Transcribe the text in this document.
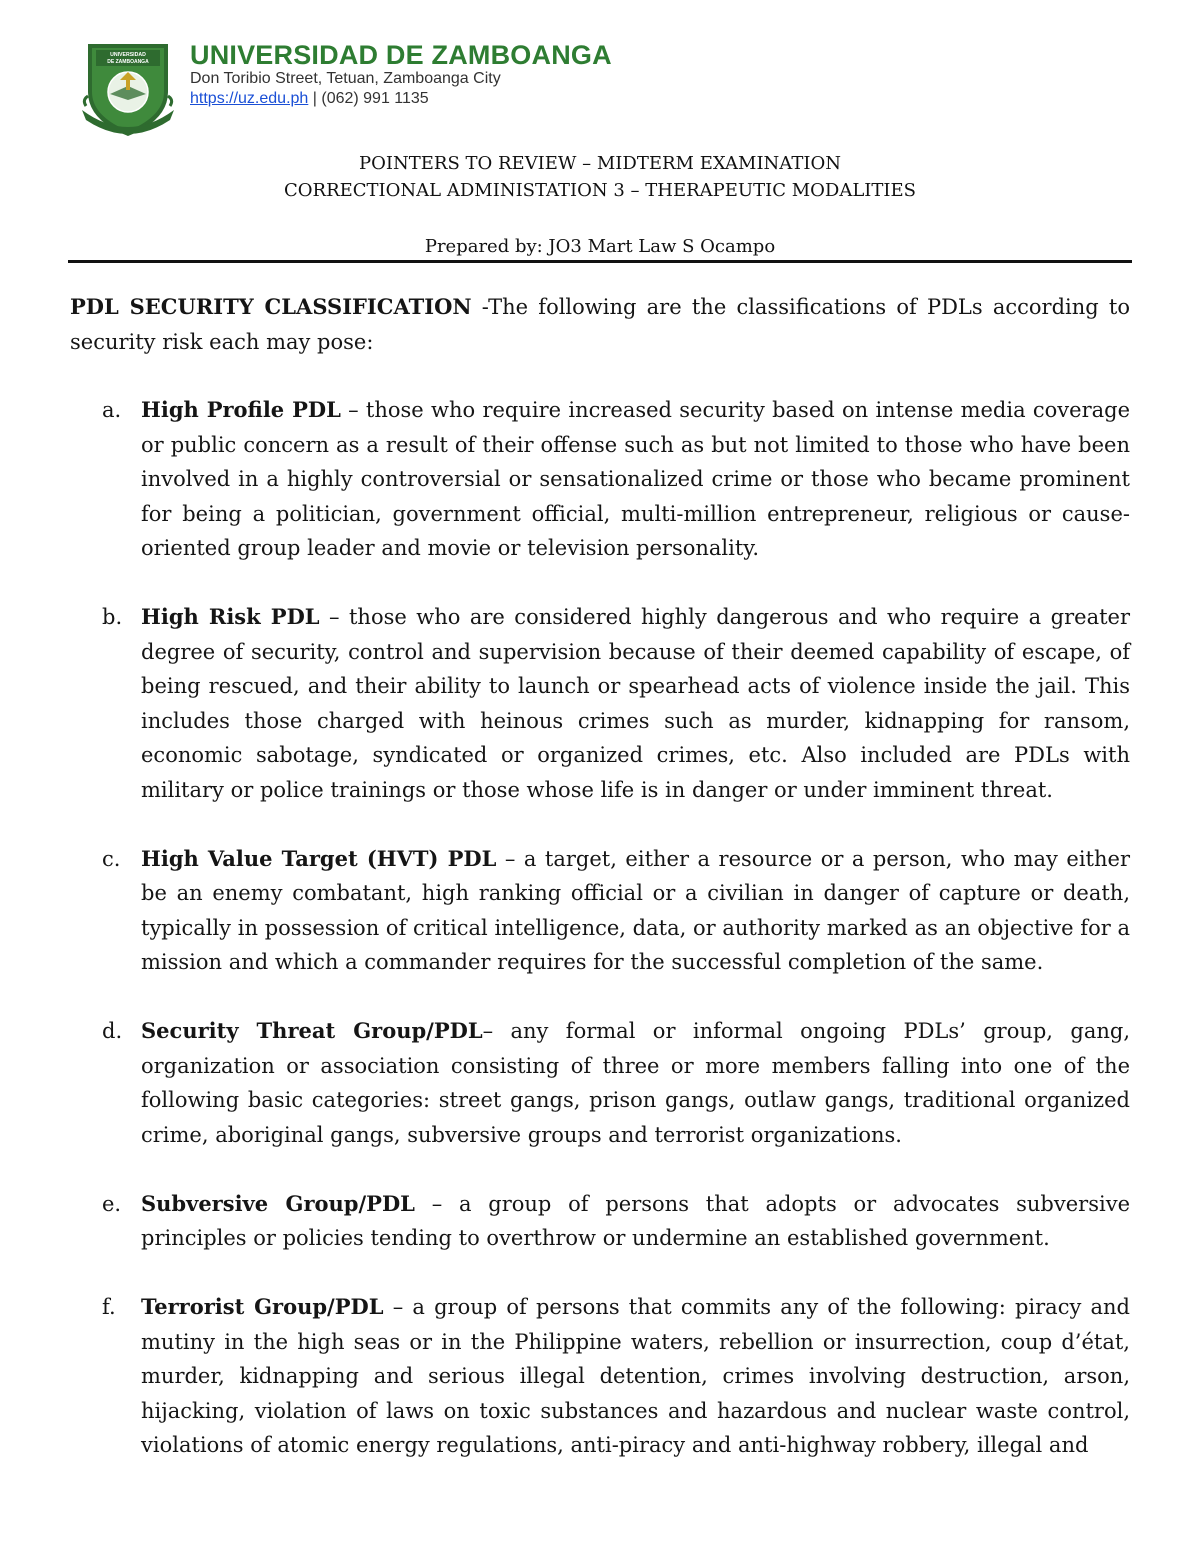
UNIVERSIDAD
DE ZAMBOANGA UNIVERSIDAD DE ZAMBOANGA
Don Toribio Street, Tetuan, Zamboanga City
https://uz.edu.ph | (062) 991 1135
POINTERS TO REVIEW – MIDTERM EXAMINATION
CORRECTIONAL ADMINISTATION 3 – THERAPEUTIC MODALITIES
Prepared by: JO3 Mart Law S Ocampo

PDL SECURITY CLASSIFICATION -The following are the classifications of PDLs according to security risk each may pose:

a. High Profile PDL – those who require increased security based on intense media coverage or public concern as a result of their offense such as but not limited to those who have been involved in a highly controversial or sensationalized crime or those who became prominent for being a politician, government official, multi-million entrepreneur, religious or cause-oriented group leader and movie or television personality.
b. High Risk PDL – those who are considered highly dangerous and who require a greater degree of security, control and supervision because of their deemed capability of escape, of being rescued, and their ability to launch or spearhead acts of violence inside the jail. This includes those charged with heinous crimes such as murder, kidnapping for ransom, economic sabotage, syndicated or organized crimes, etc. Also included are PDLs with military or police trainings or those whose life is in danger or under imminent threat.
c. High Value Target (HVT) PDL – a target, either a resource or a person, who may either be an enemy combatant, high ranking official or a civilian in danger of capture or death, typically in possession of critical intelligence, data, or authority marked as an objective for a mission and which a commander requires for the successful completion of the same.
d. Security Threat Group/PDL– any formal or informal ongoing PDLs’ group, gang, organization or association consisting of three or more members falling into one of the following basic categories: street gangs, prison gangs, outlaw gangs, traditional organized crime, aboriginal gangs, subversive groups and terrorist organizations.
e. Subversive Group/PDL – a group of persons that adopts or advocates subversive principles or policies tending to overthrow or undermine an established government.
f. Terrorist Group/PDL – a group of persons that commits any of the following: piracy and mutiny in the high seas or in the Philippine waters, rebellion or insurrection, coup d’état, murder, kidnapping and serious illegal detention, crimes involving destruction, arson, hijacking, violation of laws on toxic substances and hazardous and nuclear waste control, violations of atomic energy regulations, anti-piracy and anti-highway robbery, illegal and
